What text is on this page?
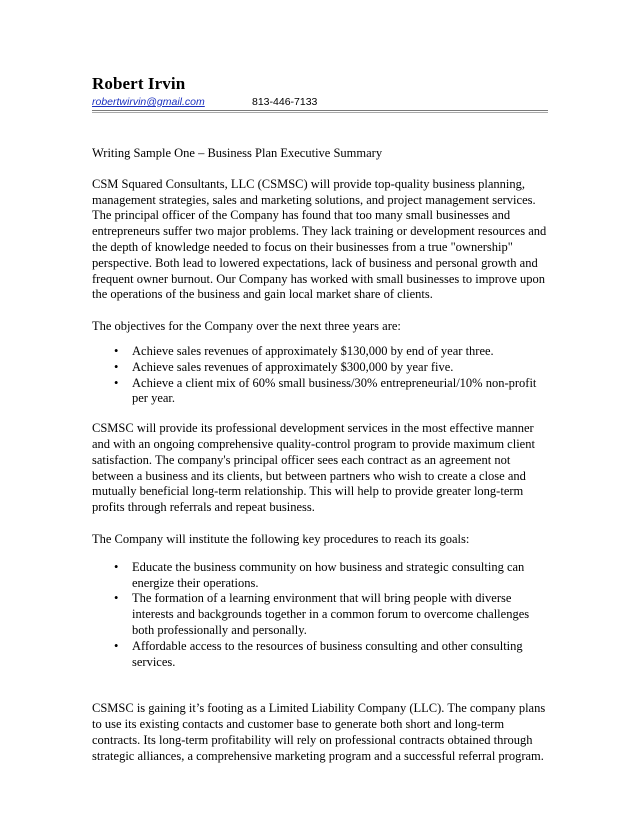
Robert Irvin
robertwirvin@gmail.com	813-446-7133

Writing Sample One – Business Plan Executive Summary

CSM Squared Consultants, LLC (CSMSC) will provide top-quality business planning, management strategies, sales and marketing solutions, and project management services. The principal officer of the Company has found that too many small businesses and entrepreneurs suffer two major problems. They lack training or development resources and the depth of knowledge needed to focus on their businesses from a true "ownership" perspective. Both lead to lowered expectations, lack of business and personal growth and frequent owner burnout. Our Company has worked with small businesses to improve upon the operations of the business and gain local market share of clients.

The objectives for the Company over the next three years are:

• Achieve sales revenues of approximately $130,000 by end of year three.
• Achieve sales revenues of approximately $300,000 by year five.
• Achieve a client mix of 60% small business/30% entrepreneurial/10% non-profit per year.

CSMSC will provide its professional development services in the most effective manner and with an ongoing comprehensive quality-control program to provide maximum client satisfaction. The company's principal officer sees each contract as an agreement not between a business and its clients, but between partners who wish to create a close and mutually beneficial long-term relationship. This will help to provide greater long-term profits through referrals and repeat business.

The Company will institute the following key procedures to reach its goals:

• Educate the business community on how business and strategic consulting can energize their operations.
• The formation of a learning environment that will bring people with diverse interests and backgrounds together in a common forum to overcome challenges both professionally and personally.
• Affordable access to the resources of business consulting and other consulting services.

CSMSC is gaining it’s footing as a Limited Liability Company (LLC). The company plans to use its existing contacts and customer base to generate both short and long-term contracts. Its long-term profitability will rely on professional contracts obtained through strategic alliances, a comprehensive marketing program and a successful referral program.
